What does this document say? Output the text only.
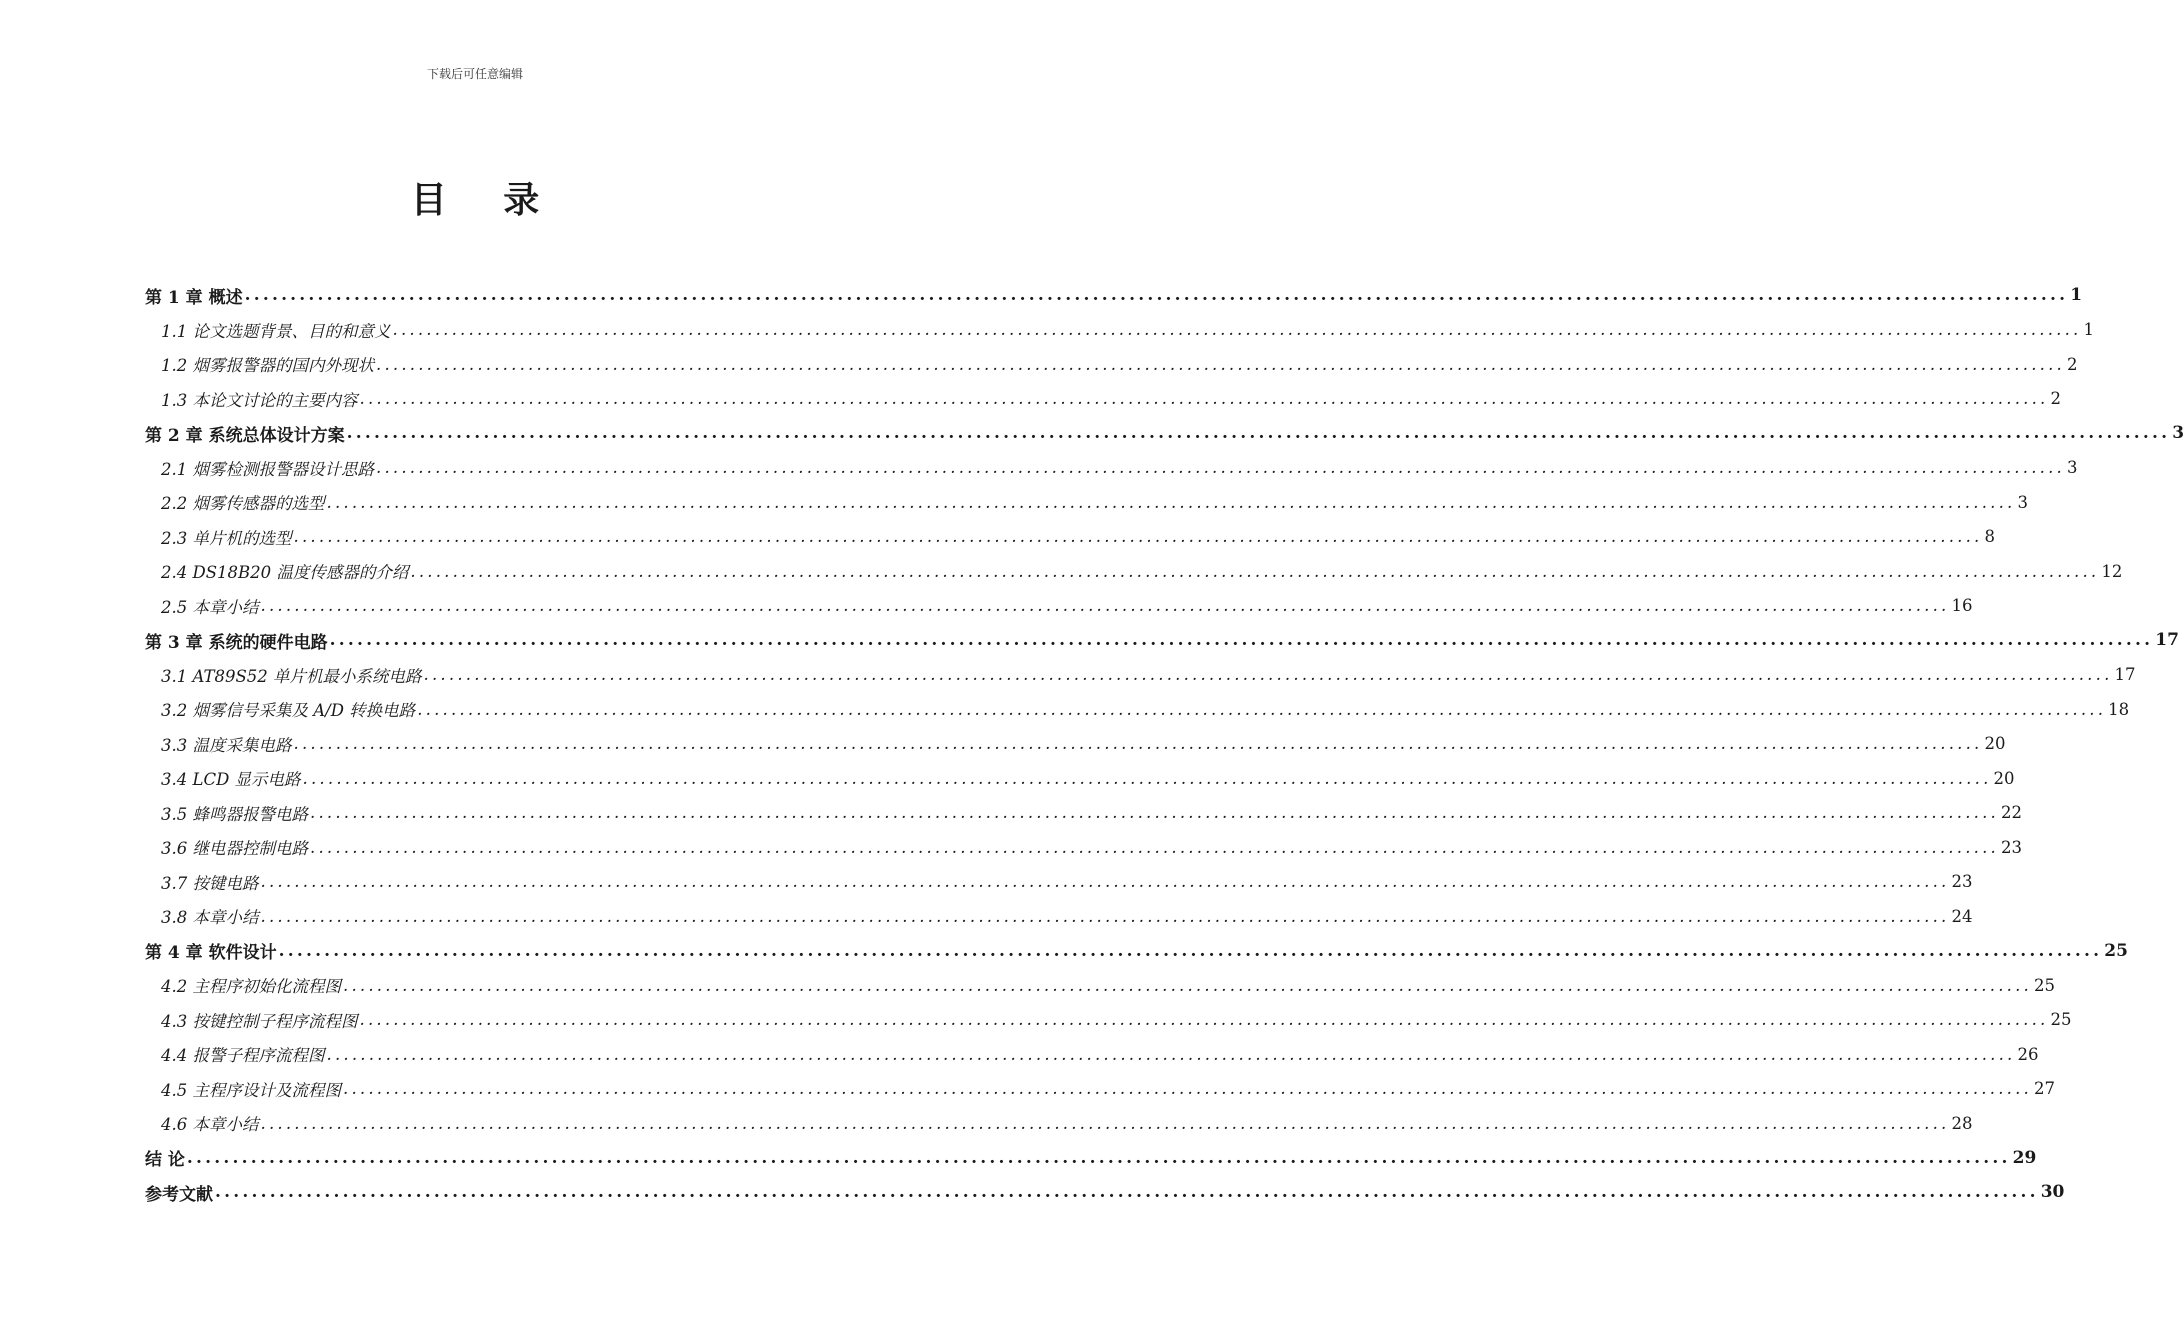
下载后可任意编辑
目 录
第 1 章 概述 ........................................................................................................................................................................................................ 1
1.1 论文选题背景、目的和意义 ........................................................................................................................................................................................................ 1
1.2 烟雾报警器的国内外现状 ........................................................................................................................................................................................................ 2
1.3 本论文讨论的主要内容 ........................................................................................................................................................................................................ 2
第 2 章 系统总体设计方案 ........................................................................................................................................................................................................ 3
2.1 烟雾检测报警器设计思路 ........................................................................................................................................................................................................ 3
2.2 烟雾传感器的选型 ........................................................................................................................................................................................................ 3
2.3 单片机的选型 ........................................................................................................................................................................................................ 8
2.4 DS18B20 温度传感器的介绍 ........................................................................................................................................................................................................ 12
2.5 本章小结 ........................................................................................................................................................................................................ 16
第 3 章 系统的硬件电路 ........................................................................................................................................................................................................ 17
3.1 AT89S52 单片机最小系统电路 ........................................................................................................................................................................................................ 17
3.2 烟雾信号采集及 A/D 转换电路 ........................................................................................................................................................................................................ 18
3.3 温度采集电路 ........................................................................................................................................................................................................ 20
3.4 LCD 显示电路 ........................................................................................................................................................................................................ 20
3.5 蜂鸣器报警电路 ........................................................................................................................................................................................................ 22
3.6 继电器控制电路 ........................................................................................................................................................................................................ 23
3.7 按键电路 ........................................................................................................................................................................................................ 23
3.8 本章小结 ........................................................................................................................................................................................................ 24
第 4 章 软件设计 ........................................................................................................................................................................................................ 25
4.2 主程序初始化流程图 ........................................................................................................................................................................................................ 25
4.3 按键控制子程序流程图 ........................................................................................................................................................................................................ 25
4.4 报警子程序流程图 ........................................................................................................................................................................................................ 26
4.5 主程序设计及流程图 ........................................................................................................................................................................................................ 27
4.6 本章小结 ........................................................................................................................................................................................................ 28
结 论 ........................................................................................................................................................................................................ 29
参考文献 ........................................................................................................................................................................................................ 30
